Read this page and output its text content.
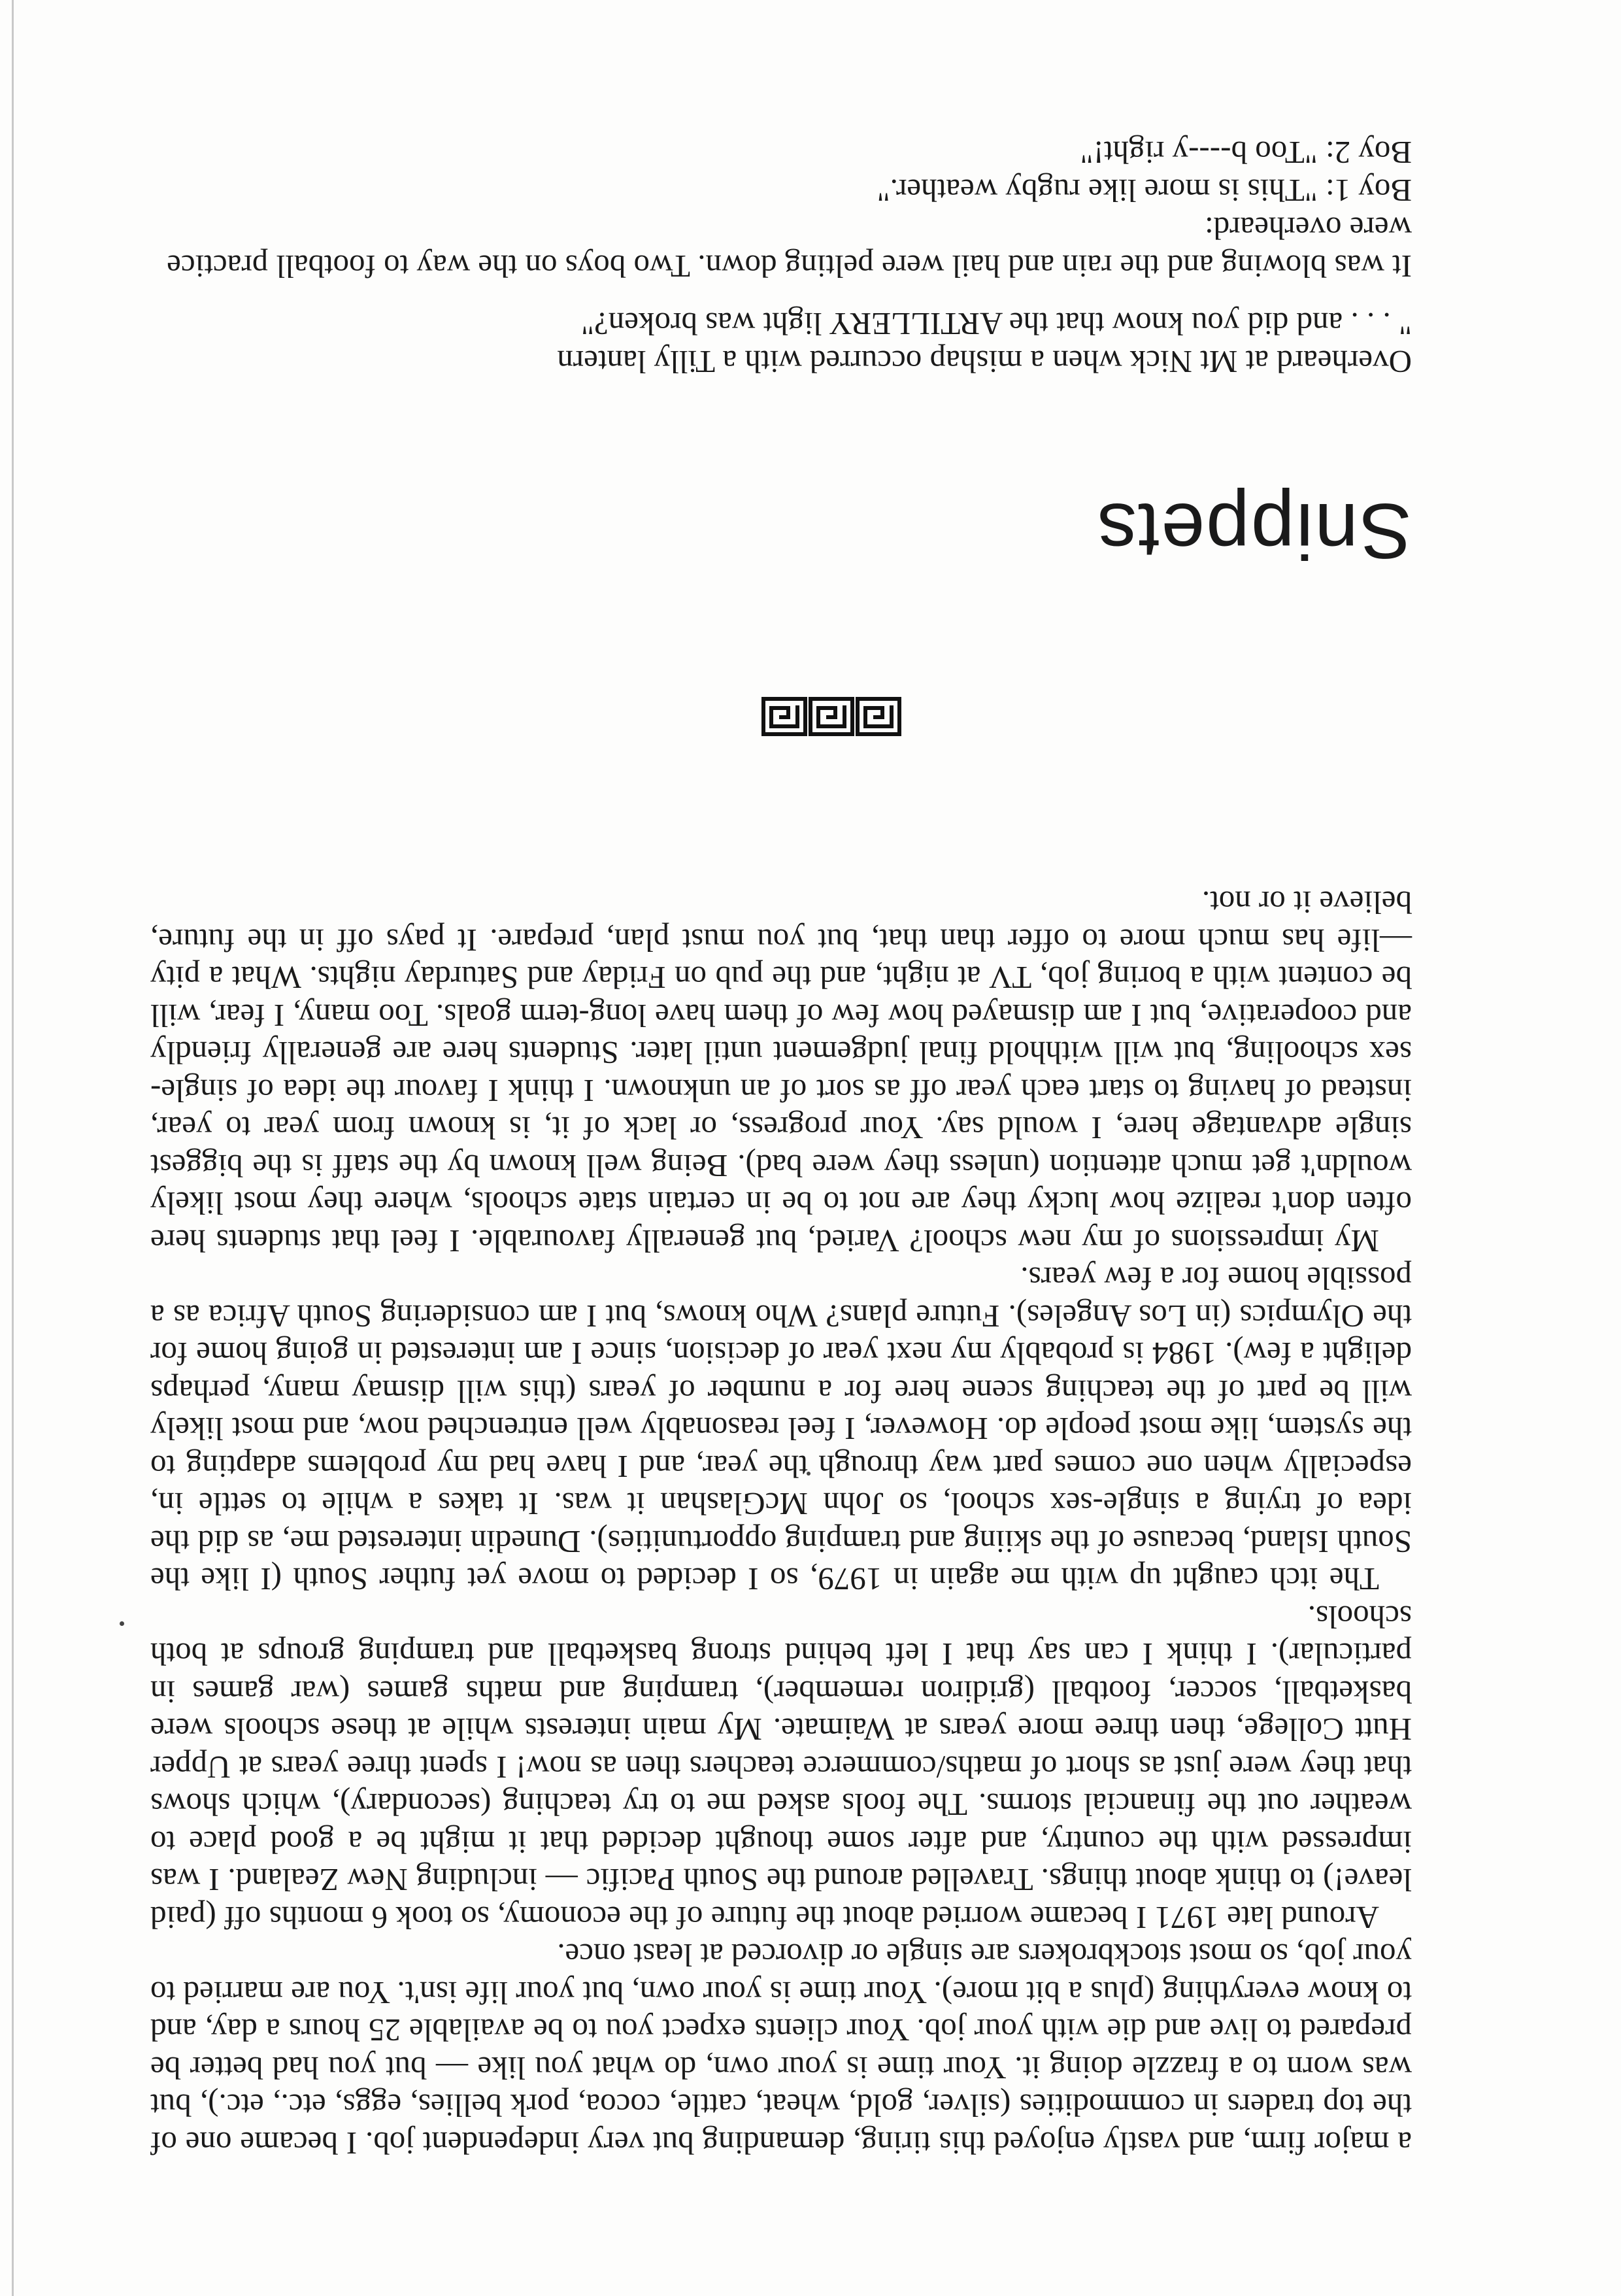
a major firm, and vastly enjoyed this tiring, demanding but very independent job. I became one of the top traders in commodities (silver, gold, wheat, cattle, cocoa, pork bellies, eggs, etc., etc.), but was worn to a frazzle doing it. Your time is your own, do what you like — but you had better be prepared to live and die with your job. Your clients expect you to be available 25 hours a day, and to know everything (plus a bit more). Your time is your own, but your life isn't. You are married to your job, so most stockbrokers are single or divorced at least once.

Around late 1971 I became worried about the future of the economy, so took 6 months off (paid leave!) to think about things. Travelled around the South Pacific — including New Zealand. I was impressed with the country, and after some thought decided that it might be a good place to weather out the financial storms. The fools asked me to try teaching (secondary), which shows that they were just as short of maths/commerce teachers then as now! I spent three years at Upper Hutt College, then three more years at Waimate. My main interests while at these schools were basketball, soccer, football (gridiron remember), tramping and maths games (war games in particular). I think I can say that I left behind strong basketball and tramping groups at both schools.

The itch caught up with me again in 1979, so I decided to move yet futher South (I like the South Island, because of the skiing and tramping opportunities). Dunedin interested me, as did the idea of trying a single-sex school, so John McGlashan it was. It takes a while to settle in, especially when one comes part way through the year, and I have had my problems adapting to the system, like most people do. However, I feel reasonably well entrenched now, and most likely will be part of the teaching scene here for a number of years (this will dismay many, perhaps delight a few). 1984 is probably my next year of decision, since I am interested in going home for the Olympics (in Los Angeles). Future plans? Who knows, but I am considering South Africa as a possible home for a few years.

My impressions of my new school? Varied, but generally favourable. I feel that students here often don't realize how lucky they are not to be in certain state schools, where they most likely wouldn't get much attention (unless they were bad). Being well known by the staff is the biggest single advantage here, I would say. Your progress, or lack of it, is known from year to year, instead of having to start each year off as sort of an unknown. I think I favour the idea of single-sex schooling, but will withhold final judgement until later. Students here are generally friendly and cooperative, but I am dismayed how few of them have long-term goals. Too many, I fear, will be content with a boring job, TV at night, and the pub on Friday and Saturday nights. What a pity—life has much more to offer than that, but you must plan, prepare. It pays off in the future, believe it or not.

Snippets

Overheard at Mt Nick when a mishap occurred with a Tilly lantern
" . . . and did you know that the ARTILLERY light was broken?"

It was blowing and the rain and hail were pelting down. Two boys on the way to football practice were overheard:
Boy 1: "This is more like rugby weather."
Boy 2: "Too b----y right!"
